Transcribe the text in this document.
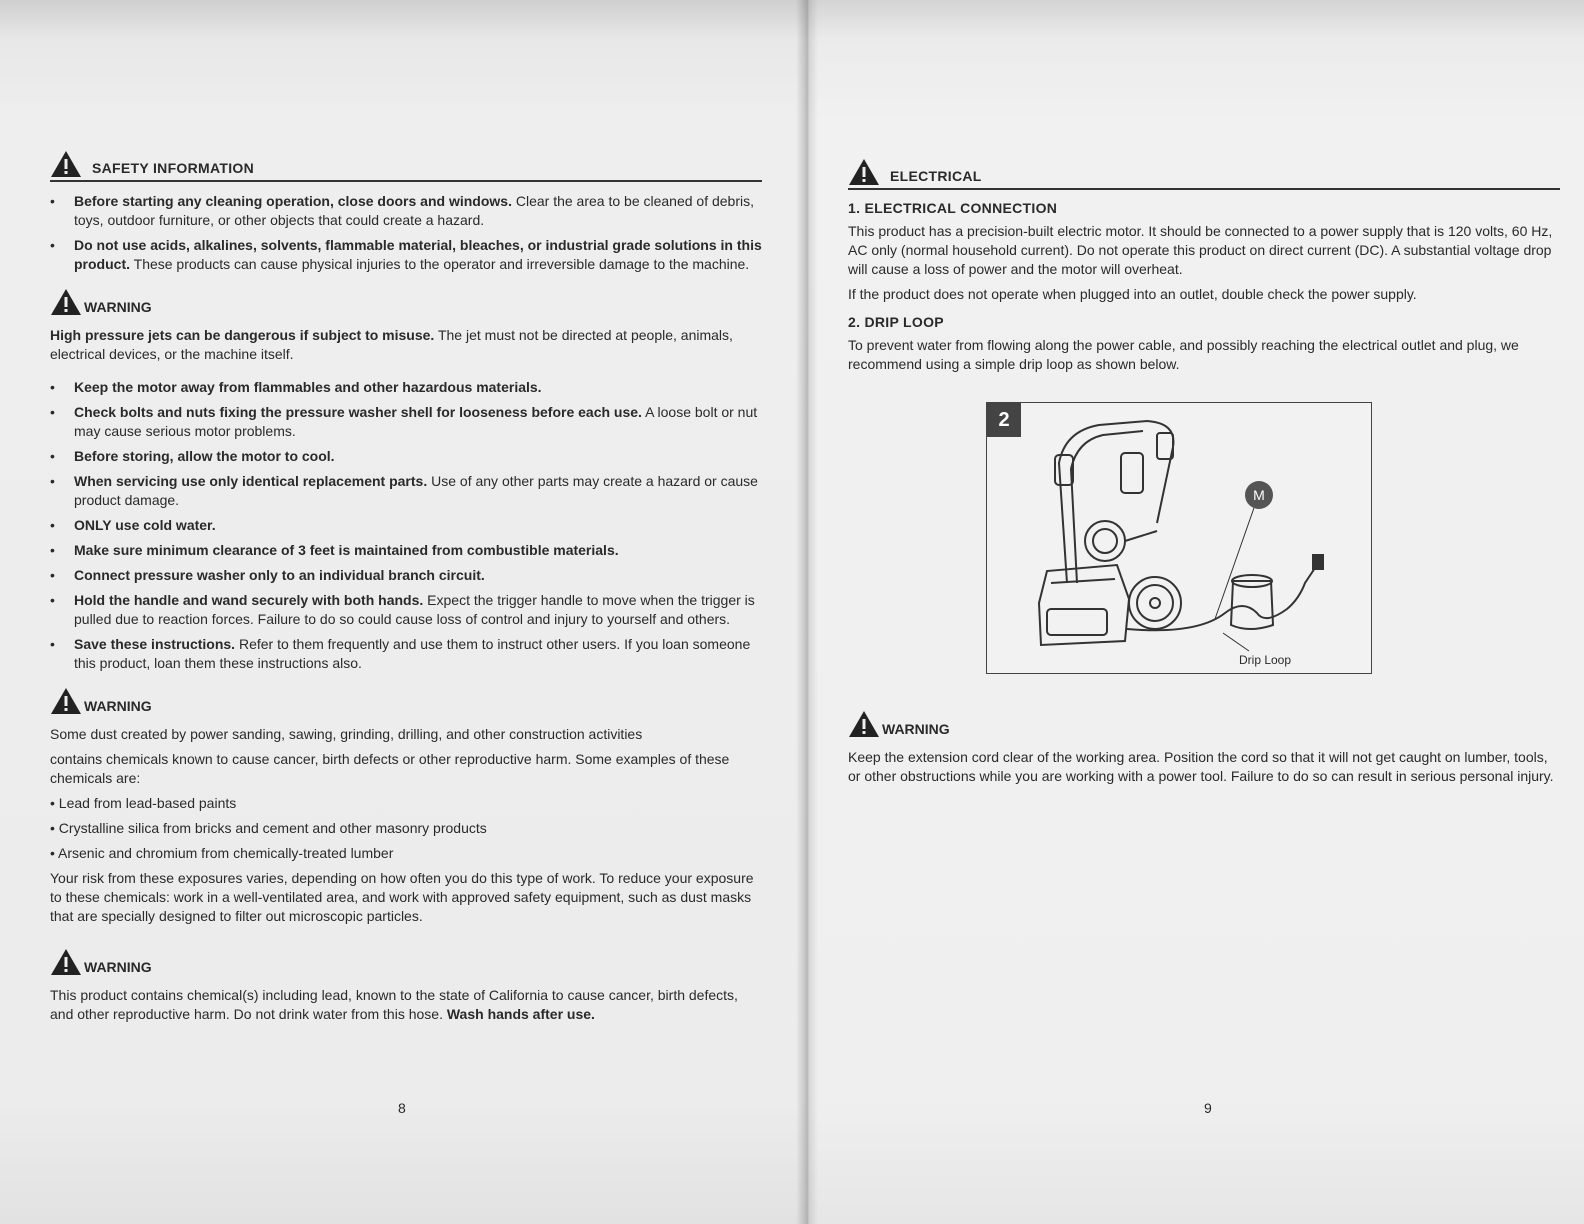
SAFETY INFORMATION
• Before starting any cleaning operation, close doors and windows. Clear the area to be cleaned of debris, toys, outdoor furniture, or other objects that could create a hazard.
• Do not use acids, alkalines, solvents, flammable material, bleaches, or industrial grade solutions in this product. These products can cause physical injuries to the operator and irreversible damage to the machine.
WARNING

High pressure jets can be dangerous if subject to misuse. The jet must not be directed at people, animals, electrical devices, or the machine itself.

• Keep the motor away from flammables and other hazardous materials.
• Check bolts and nuts fixing the pressure washer shell for looseness before each use. A loose bolt or nut may cause serious motor problems.
• Before storing, allow the motor to cool.
• When servicing use only identical replacement parts. Use of any other parts may create a hazard or cause product damage.
• ONLY use cold water.
• Make sure minimum clearance of 3 feet is maintained from combustible materials.
• Connect pressure washer only to an individual branch circuit.
• Hold the handle and wand securely with both hands. Expect the trigger handle to move when the trigger is pulled due to reaction forces. Failure to do so could cause loss of control and injury to yourself and others.
• Save these instructions. Refer to them frequently and use them to instruct other users. If you loan someone this product, loan them these instructions also.
WARNING

Some dust created by power sanding, sawing, grinding, drilling, and other construction activities

contains chemicals known to cause cancer, birth defects or other reproductive harm. Some examples of these chemicals are:

• Lead from lead-based paints
• Crystalline silica from bricks and cement and other masonry products
• Arsenic and chromium from chemically-treated lumber

Your risk from these exposures varies, depending on how often you do this type of work. To reduce your exposure to these chemicals: work in a well-ventilated area, and work with approved safety equipment, such as dust masks that are specially designed to filter out microscopic particles.

WARNING

This product contains chemical(s) including lead, known to the state of California to cause cancer, birth defects, and other reproductive harm. Do not drink water from this hose. Wash hands after use.

8
ELECTRICAL
1. ELECTRICAL CONNECTION

This product has a precision-built electric motor. It should be connected to a power supply that is 120 volts, 60 Hz, AC only (normal household current). Do not operate this product on direct current (DC). A substantial voltage drop will cause a loss of power and the motor will overheat.

If the product does not operate when plugged into an outlet, double check the power supply.

2. DRIP LOOP

To prevent water from flowing along the power cable, and possibly reaching the electrical outlet and plug, we recommend using a simple drip loop as shown below.

2
M
Drip Loop
WARNING

Keep the extension cord clear of the working area. Position the cord so that it will not get caught on lumber, tools, or other obstructions while you are working with a power tool. Failure to do so can result in serious personal injury.

9
